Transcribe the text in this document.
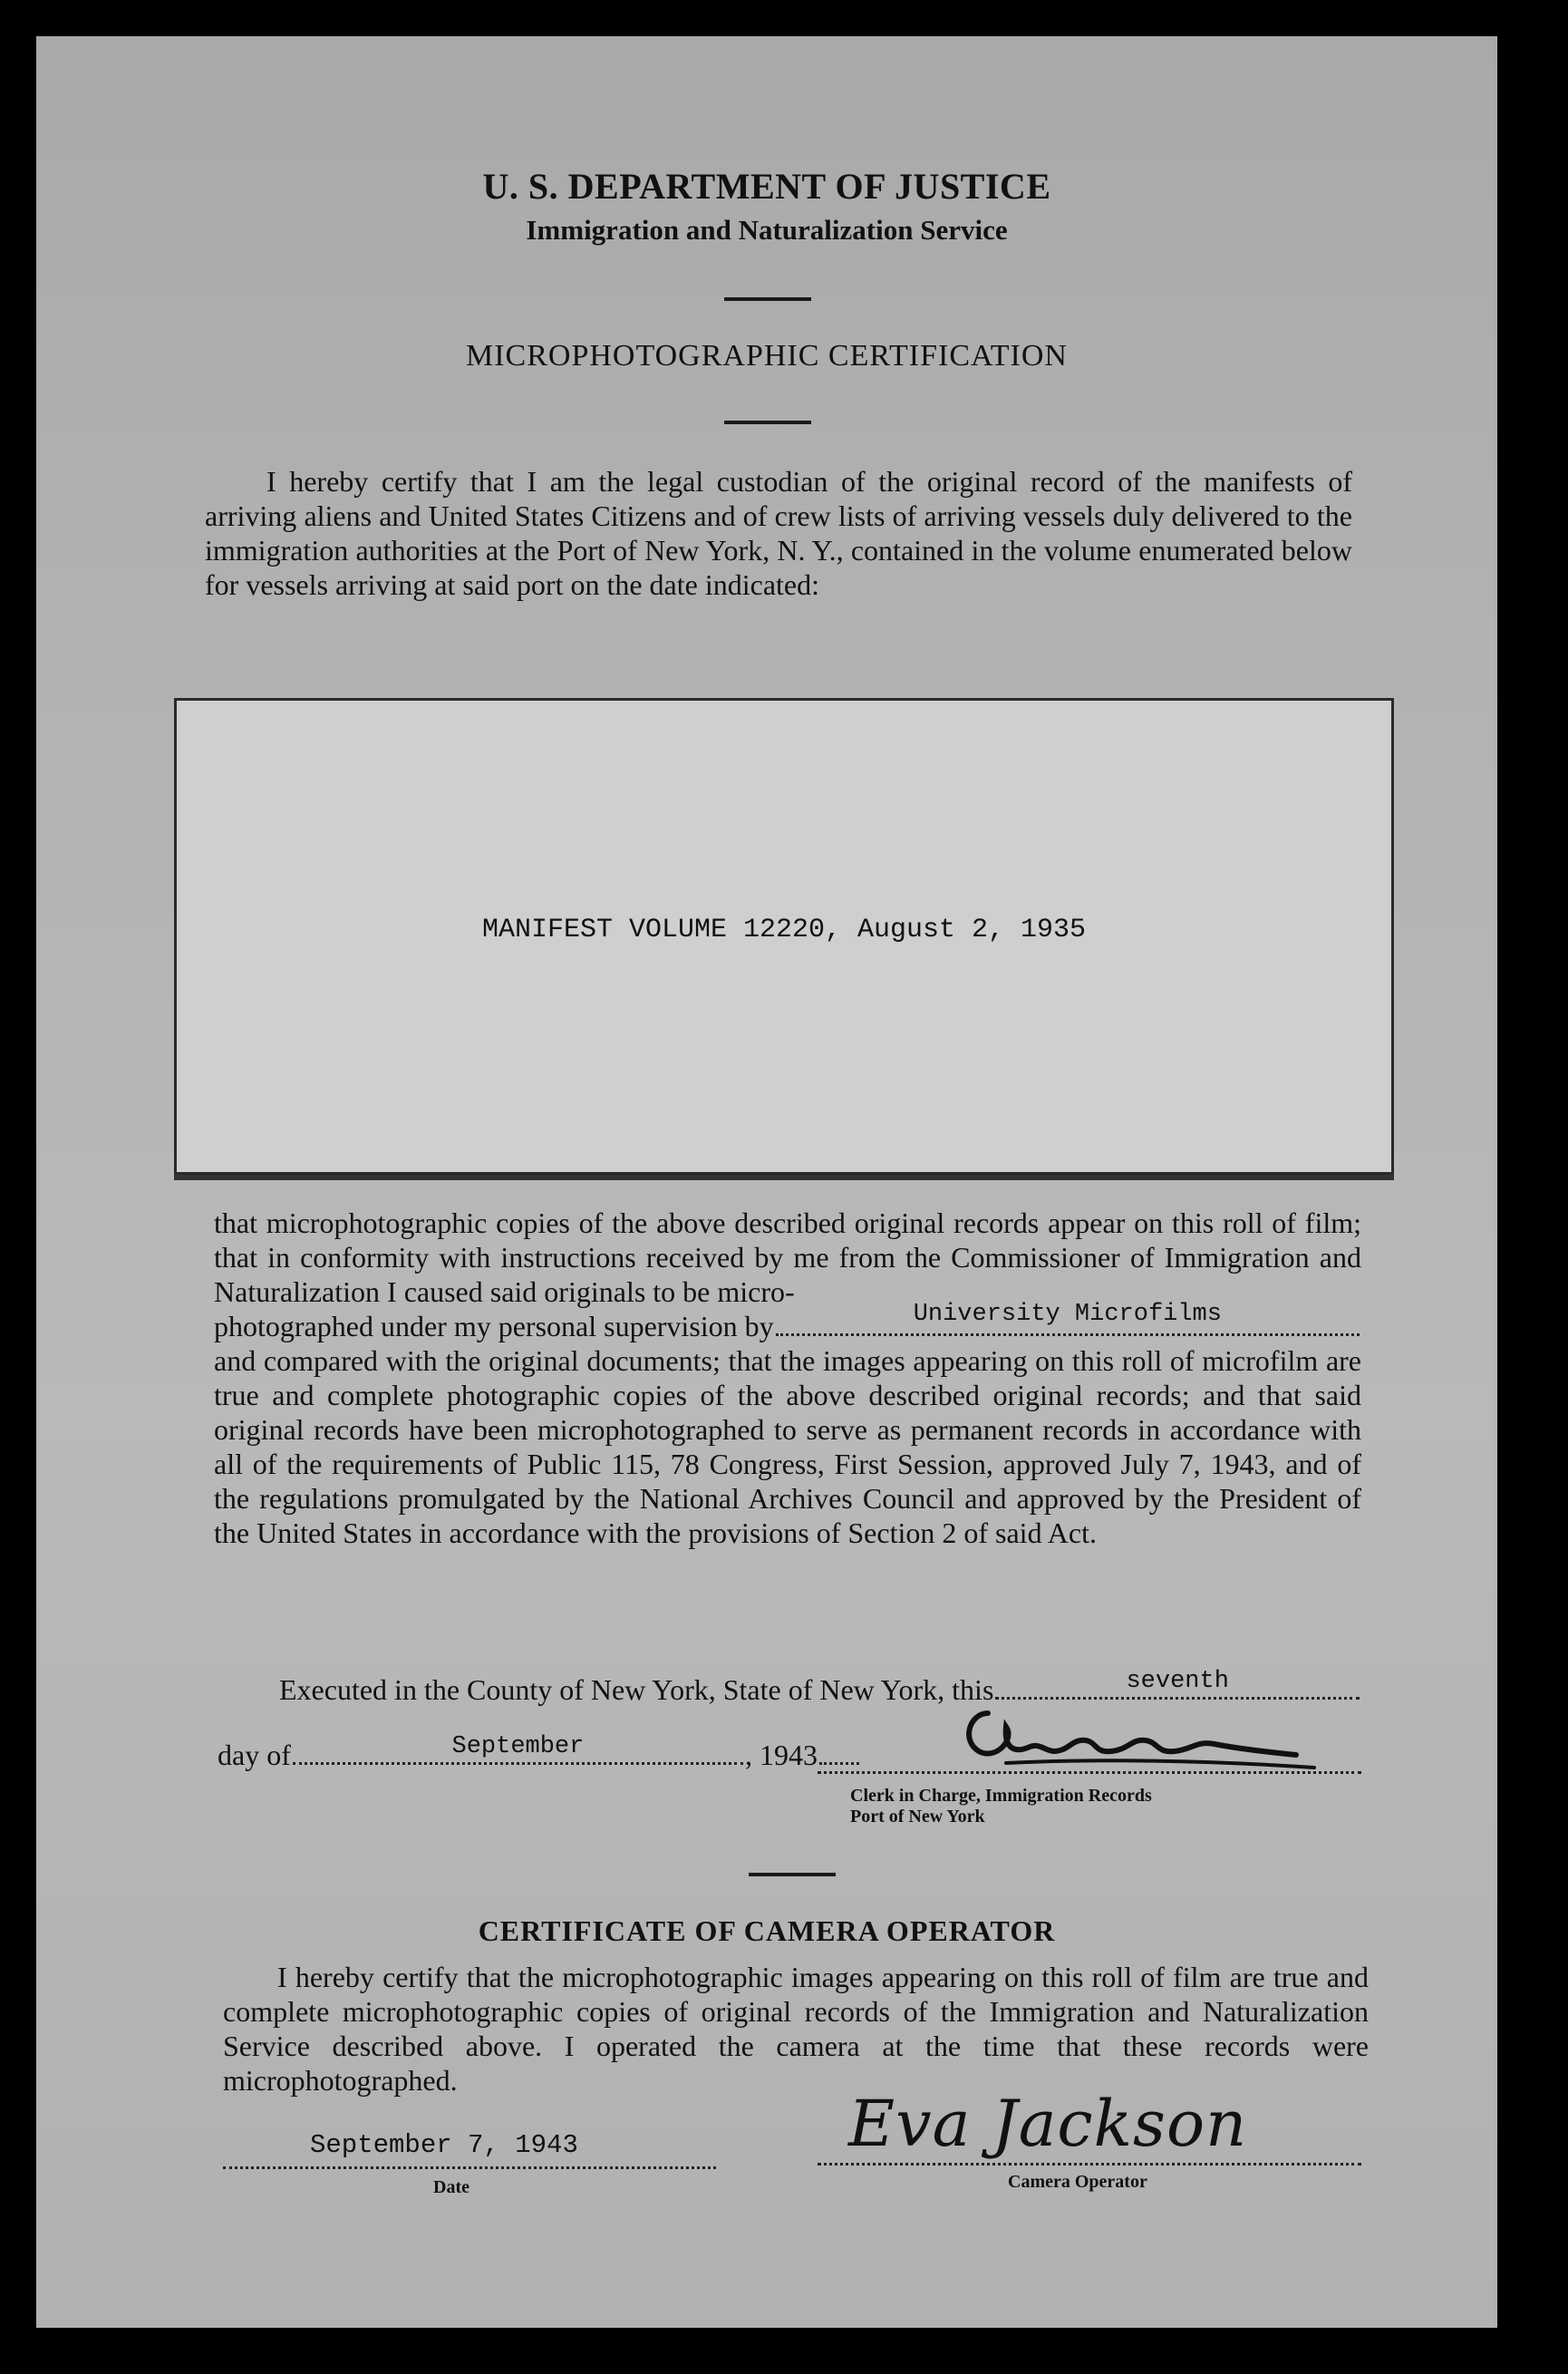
U. S. DEPARTMENT OF JUSTICE
Immigration and Naturalization Service
MICROPHOTOGRAPHIC CERTIFICATION
I hereby certify that I am the legal custodian of the original record of the manifests of arriving aliens and United States Citizens and of crew lists of arriving vessels duly delivered to the immigration authorities at the Port of New York, N. Y., contained in the volume enumerated below for vessels arriving at said port on the date indicated:
MANIFEST VOLUME 12220, August 2, 1935
that microphotographic copies of the above described original records appear on this roll of film; that in conformity with instructions received by me from the Commissioner of Immigration and Naturalization I caused said originals to be micro-
photographed under my personal supervision by	University Microfilms
and compared with the original documents; that the images appearing on this roll of microfilm are true and complete photographic copies of the above described original records; and that said original records have been microphotographed to serve as permanent records in accordance with all of the requirements of Public 115, 78 Congress, First Session, approved July 7, 1943, and of the regulations promulgated by the National Archives Council and approved by the President of the United States in accordance with the provisions of Section 2 of said Act.
Executed in the County of New York, State of New York, this	seventh
day of	September	, 1943
Clerk in Charge, Immigration Records
Port of New York
CERTIFICATE OF CAMERA OPERATOR
I hereby certify that the microphotographic images appearing on this roll of film are true and complete microphotographic copies of original records of the Immigration and Naturalization Service described above. I operated the camera at the time that these records were microphotographed.
September 7, 1943
Date
Eva Jackson
Camera Operator
